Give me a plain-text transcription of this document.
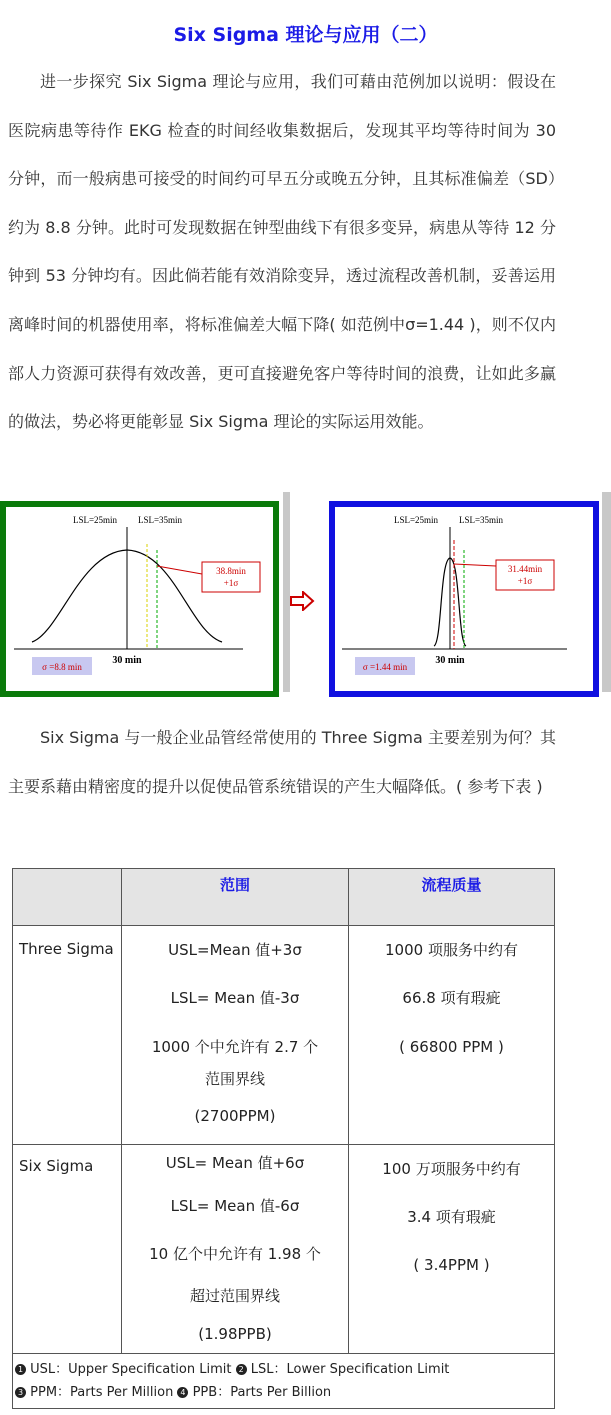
Six Sigma 理论与应用（二）

进一步探究 Six Sigma 理论与应用，我们可藉由范例加以说明：假设在医院病患等待作 EKG 检查的时间经收集数据后，发现其平均等待时间为 30 分钟，而一般病患可接受的时间约可早五分或晚五分钟，且其标准偏差（SD）约为 8.8 分钟。此时可发现数据在钟型曲线下有很多变异，病患从等待 12 分钟到 53 分钟均有。因此倘若能有效消除变异，透过流程改善机制，妥善运用离峰时间的机器使用率，将标准偏差大幅下降( 如范例中σ=1.44 )，则不仅内部人力资源可获得有效改善，更可直接避免客户等待时间的浪费，让如此多赢的做法，势必将更能彰显 Six Sigma 理论的实际运用效能。

LSL=25min LSL=35min
38.8min
+1σ
30 min
σ =8.8 min
LSL=25min LSL=35min
31.44min
+1σ
30 min
σ =1.44 min

Six Sigma 与一般企业品管经常使用的 Three Sigma 主要差别为何？其主要系藉由精密度的提升以促使品管系统错误的产生大幅降低。( 参考下表 )

	范围	流程质量
Three Sigma	USL=Mean 值+3σ
LSL= Mean 值-3σ
1000 个中允许有 2.7 个
范围界线
(2700PPM)	1000 项服务中约有
66.8 项有瑕疵
( 66800 PPM )

Six Sigma	USL= Mean 值+6σ
LSL= Mean 值-6σ
10 亿个中允许有 1.98 个
超过范围界线
(1.98PPB)	100 万项服务中约有
3.4 项有瑕疵
( 3.4PPM )

1 USL：Upper Specification Limit 2 LSL：Lower Specification Limit
3 PPM：Parts Per Million 4 PPB：Parts Per Billion		
